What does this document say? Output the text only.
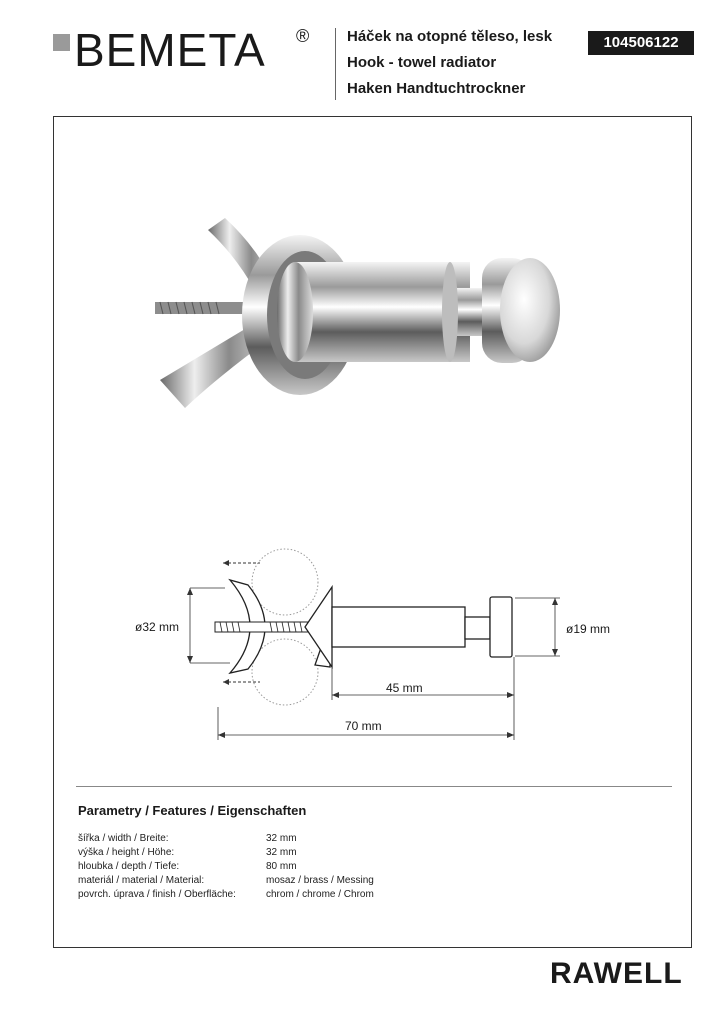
BEMETA ®	Háček na otopné těleso, lesk
Hook - towel radiator
Haken Handtuchtrockner
104506122
ø32 mm	ø19 mm
45 mm
70 mm
Parametry / Features / Eigenschaften
šířka / width / Breite:	32 mm
výška / height / Höhe:	32 mm
hloubka / depth / Tiefe:	80 mm
materiál / material / Material:	mosaz / brass / Messing
povrch. úprava / finish / Oberfläche:	chrom / chrome / Chrom
RAWELL
